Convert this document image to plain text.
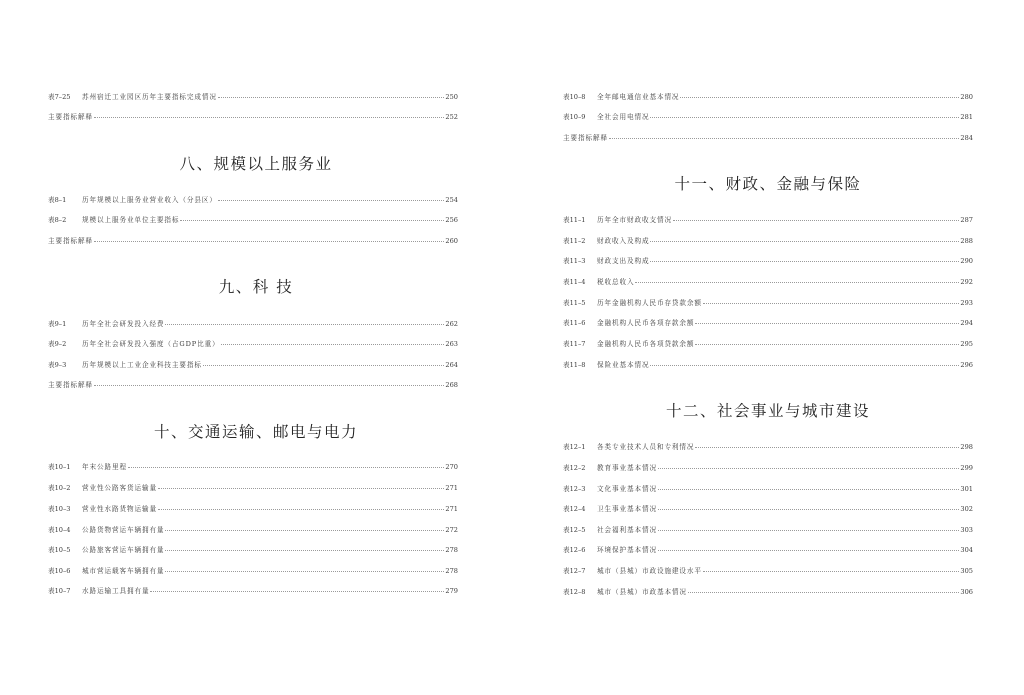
表7–25	苏州宿迁工业园区历年主要指标完成情况	250
主要指标解释	252
八、规模以上服务业
表8–1	历年规模以上服务业营业收入（分县区）	254
表8–2	规模以上服务业单位主要指标	256
主要指标解释	260
九、科 技
表9–1	历年全社会研发投入经费	262
表9–2	历年全社会研发投入强度（占GDP比重）	263
表9–3	历年规模以上工业企业科技主要指标	264
主要指标解释	268
十、交通运输、邮电与电力
表10–1	年末公路里程	270
表10–2	营业性公路客货运输量	271
表10–3	营业性水路货物运输量	271
表10–4	公路货物营运车辆拥有量	272
表10–5	公路旅客营运车辆拥有量	278
表10–6	城市营运载客车辆拥有量	278
表10–7	水路运输工具拥有量	279
表10–8	全年邮电通信业基本情况	280
表10–9	全社会用电情况	281
主要指标解释	284
十一、财政、金融与保险
表11–1	历年全市财政收支情况	287
表11–2	财政收入及构成	288
表11–3	财政支出及构成	290
表11–4	税收总收入	292
表11–5	历年金融机构人民币存贷款余额	293
表11–6	金融机构人民币各项存款余额	294
表11–7	金融机构人民币各项贷款余额	295
表11–8	保险业基本情况	296
十二、社会事业与城市建设
表12–1	各类专业技术人员和专利情况	298
表12–2	教育事业基本情况	299
表12–3	文化事业基本情况	301
表12–4	卫生事业基本情况	302
表12–5	社会福利基本情况	303
表12–6	环境保护基本情况	304
表12–7	城市（县城）市政设施建设水平	305
表12–8	城市（县城）市政基本情况	306
